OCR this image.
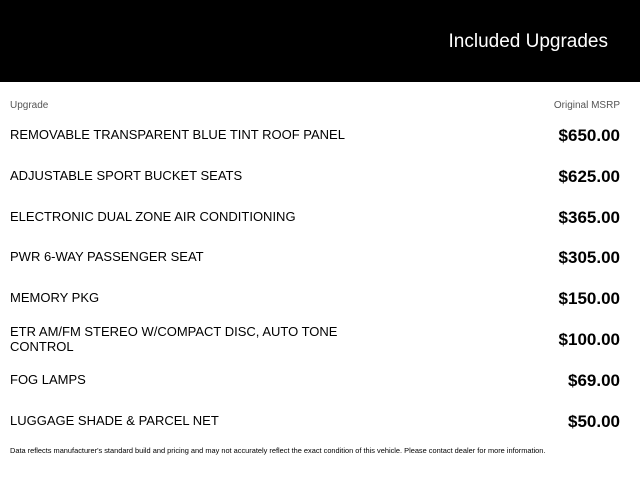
Included Upgrades
Upgrade	Original MSRP
REMOVABLE TRANSPARENT BLUE TINT ROOF PANEL	$650.00
ADJUSTABLE SPORT BUCKET SEATS	$625.00
ELECTRONIC DUAL ZONE AIR CONDITIONING	$365.00
PWR 6-WAY PASSENGER SEAT	$305.00
MEMORY PKG	$150.00
ETR AM/FM STEREO W/COMPACT DISC, AUTO TONE CONTROL	$100.00
FOG LAMPS	$69.00
LUGGAGE SHADE & PARCEL NET	$50.00
Data reflects manufacturer's standard build and pricing and may not accurately reflect the exact condition of this vehicle. Please contact dealer for more information.
